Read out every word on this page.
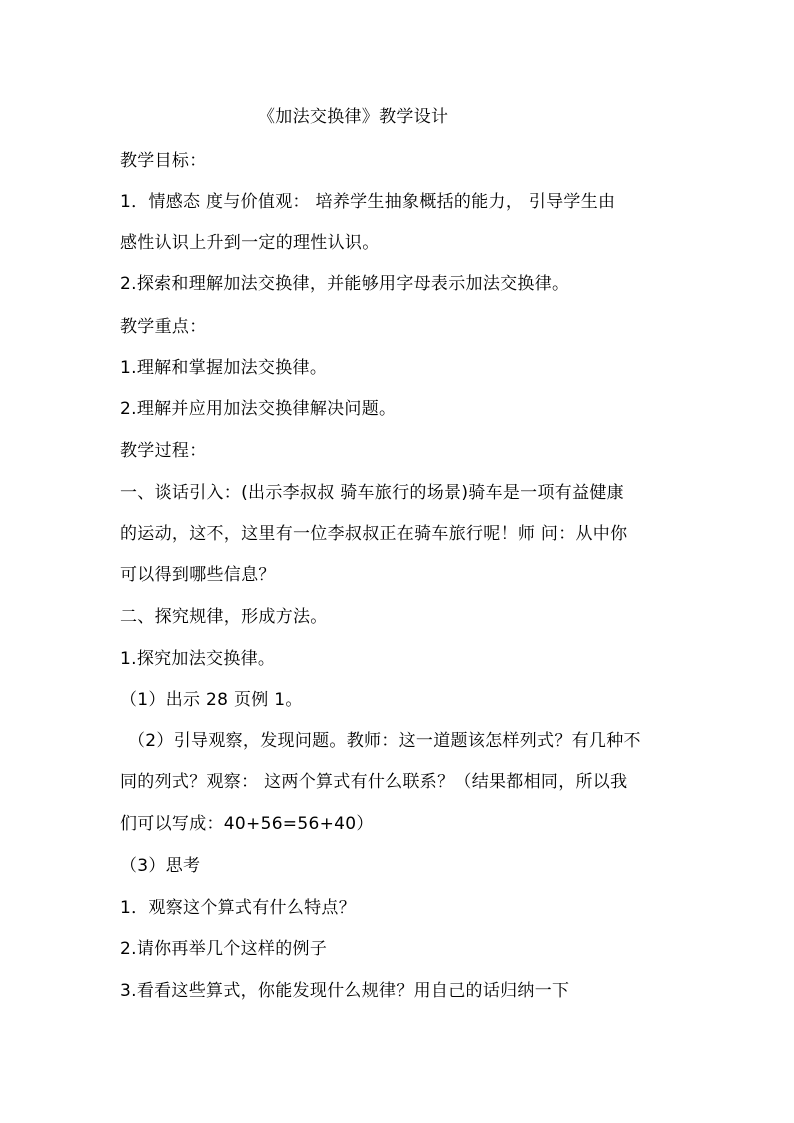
《加法交换律》教学设计
教学目标：
1．情感态 度与价值观： 培养学生抽象概括的能力， 引导学生由
感性认识上升到一定的理性认识。
2.探索和理解加法交换律，并能够用字母表示加法交换律。
教学重点：
1.理解和掌握加法交换律。
2.理解并应用加法交换律解决问题。
教学过程：
一、谈话引入：(出示李叔叔 骑车旅行的场景)骑车是一项有益健康
的运动，这不，这里有一位李叔叔正在骑车旅行呢！师 问：从中你
可以得到哪些信息？
二、探究规律，形成方法。
1.探究加法交换律。
（1）出示 28 页例 1。
（2）引导观察，发现问题。教师：这一道题该怎样列式？有几种不
同的列式？观察： 这两个算式有什么联系？（结果都相同，所以我
们可以写成：40+56=56+40）
（3）思考
1．观察这个算式有什么特点？
2.请你再举几个这样的例子
3.看看这些算式，你能发现什么规律？用自己的话归纳一下
